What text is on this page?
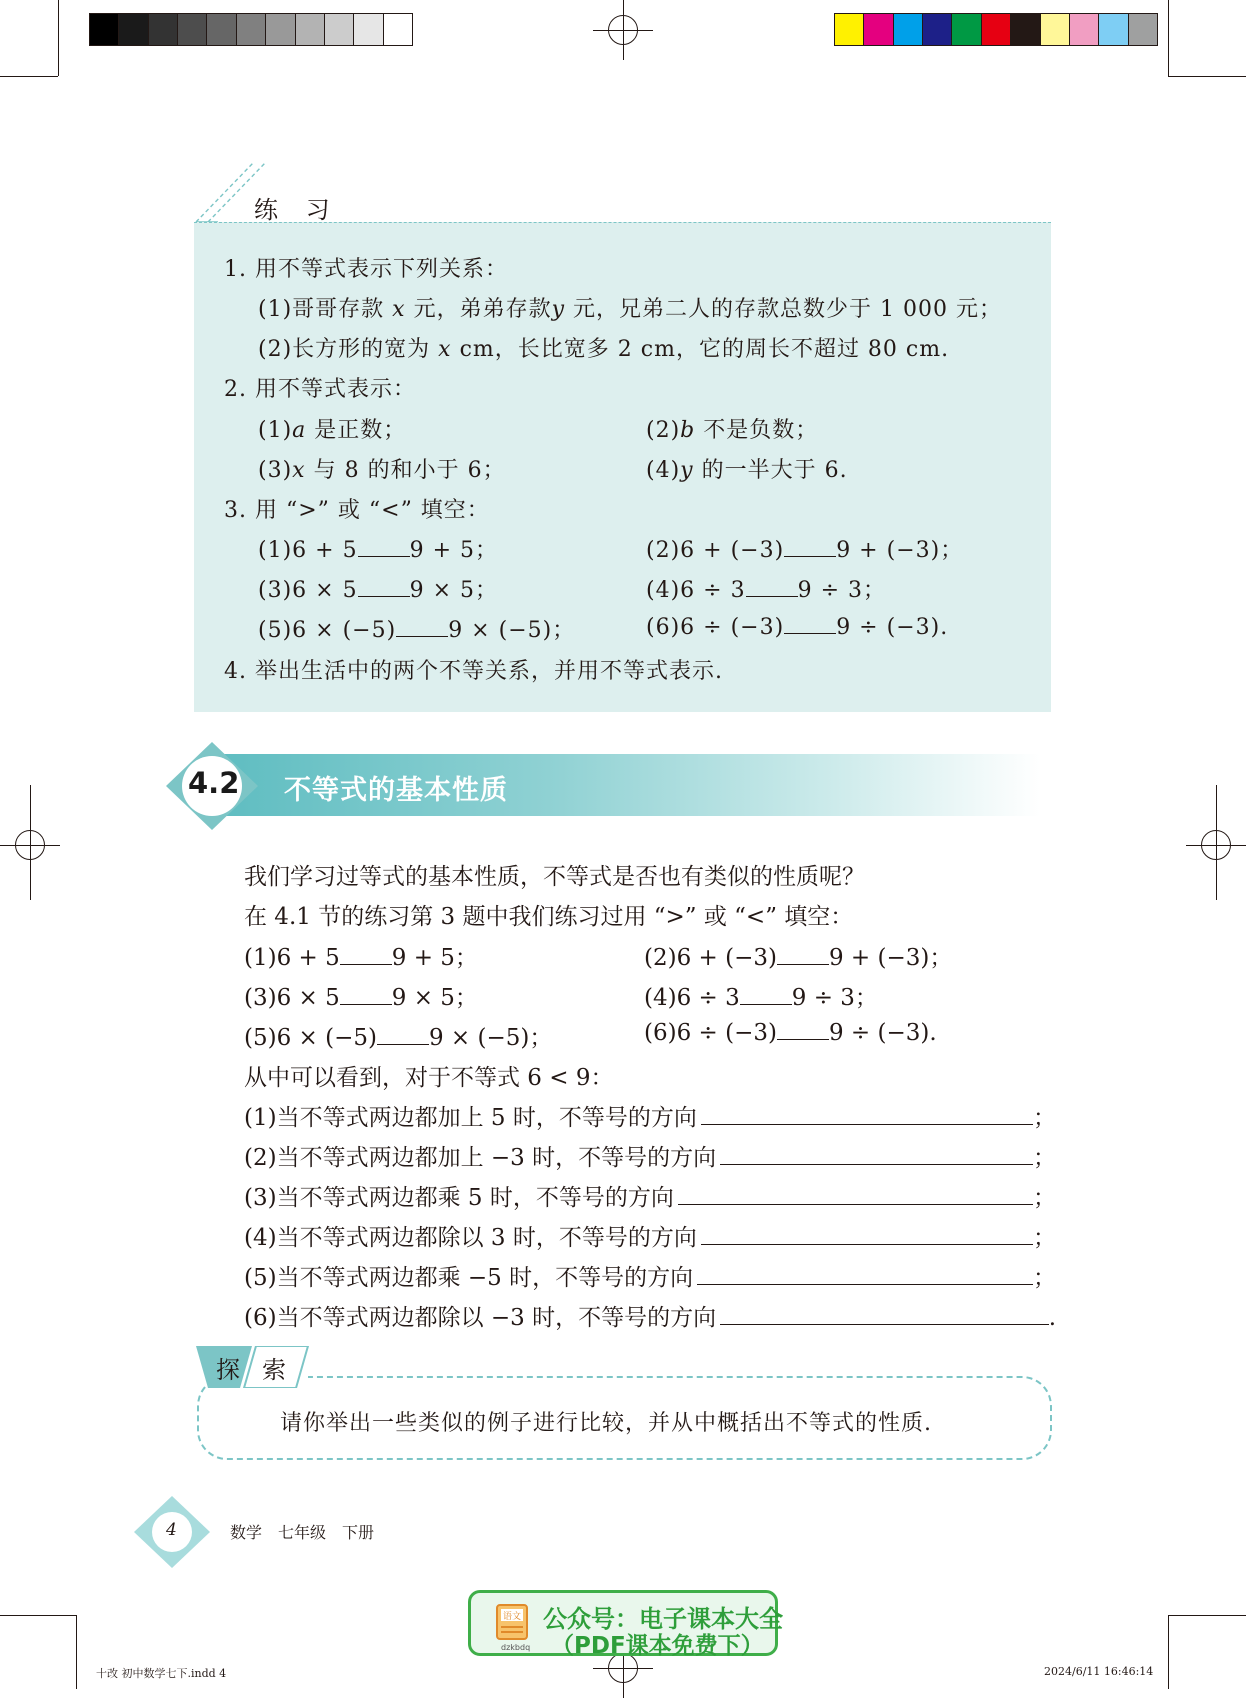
练 习
1. 用不等式表示下列关系：
(1)哥哥存款 x 元，弟弟存款y 元，兄弟二人的存款总数少于 1 000 元；
(2)长方形的宽为 x cm，长比宽多 2 cm，它的周长不超过 80 cm.
2. 用不等式表示：
(1)a 是正数；	(2)b 不是负数；
(3)x 与 8 的和小于 6；	(4)y 的一半大于 6.
3. 用 “>” 或 “<” 填空：
(1)6 + 5 9 + 5；	(2)6 + (−3) 9 + (−3)；
(3)6 × 5 9 × 5；	(4)6 ÷ 3 9 ÷ 3；
(5)6 × (−5) 9 × (−5)；	(6)6 ÷ (−3) 9 ÷ (−3).
4. 举出生活中的两个不等关系，并用不等式表示.
4.2 不等式的基本性质
我们学习过等式的基本性质，不等式是否也有类似的性质呢？
在 4.1 节的练习第 3 题中我们练习过用 “>” 或 “<” 填空：
(1)6 + 5 9 + 5；	(2)6 + (−3) 9 + (−3)；
(3)6 × 5 9 × 5；	(4)6 ÷ 3 9 ÷ 3；
(5)6 × (−5) 9 × (−5)；	(6)6 ÷ (−3) 9 ÷ (−3).
从中可以看到，对于不等式 6 < 9：
(1)当不等式两边都加上 5 时，不等号的方向	；
(2)当不等式两边都加上 −3 时，不等号的方向	；
(3)当不等式两边都乘 5 时，不等号的方向	；
(4)当不等式两边都除以 3 时，不等号的方向	；
(5)当不等式两边都乘 −5 时，不等号的方向	；
(6)当不等式两边都除以 −3 时，不等号的方向	.
探 索
请你举出一些类似的例子进行比较，并从中概括出不等式的性质.
4	数学　七年级　下册
语文
dzkbdq
公众号：电子课本大全
（PDF课本免费下）
十改 初中数学七下.indd 4	2024/6/11 16:46:14
